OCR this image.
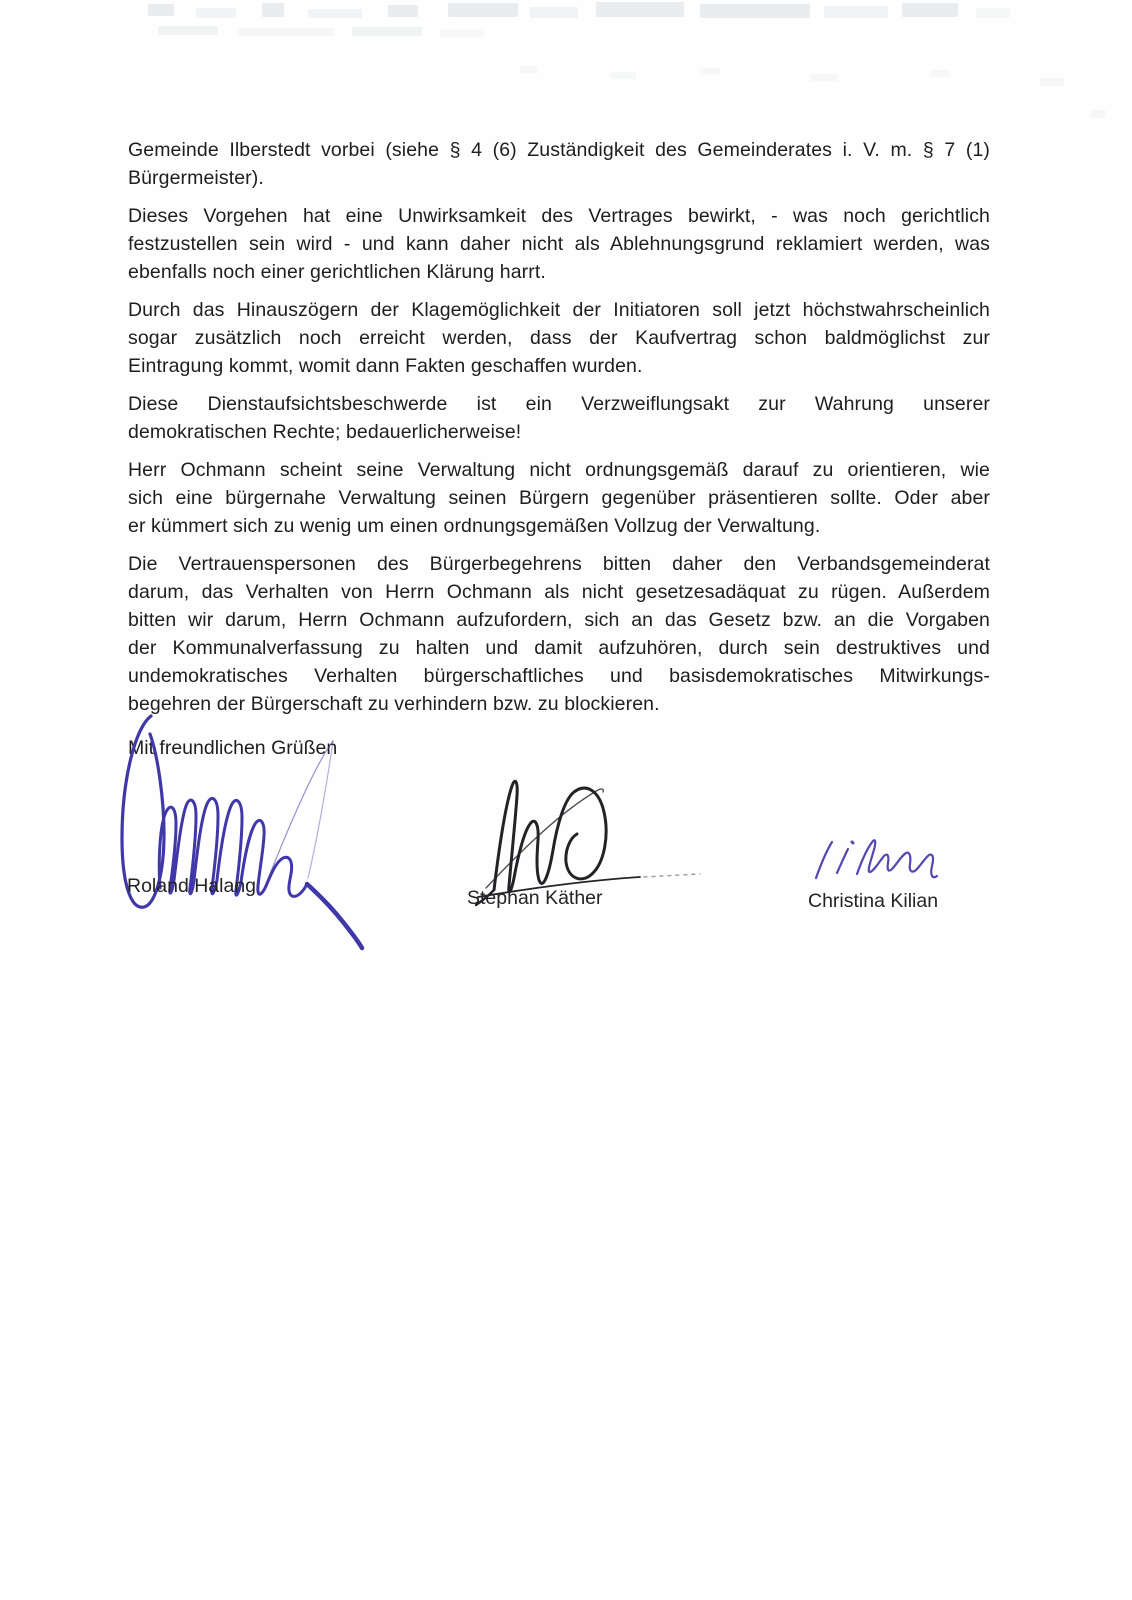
Gemeinde Ilberstedt vorbei (siehe § 4 (6) Zuständigkeit des Gemeinderates i. V. m. § 7 (1)
Bürgermeister).
Dieses Vorgehen hat eine Unwirksamkeit des Vertrages bewirkt, - was noch gerichtlich
festzustellen sein wird - und kann daher nicht als Ablehnungsgrund reklamiert werden, was
ebenfalls noch einer gerichtlichen Klärung harrt.
Durch das Hinauszögern der Klagemöglichkeit der Initiatoren soll jetzt höchstwahrscheinlich
sogar zusätzlich noch erreicht werden, dass der Kaufvertrag schon baldmöglichst zur
Eintragung kommt, womit dann Fakten geschaffen wurden.
Diese Dienstaufsichtsbeschwerde ist ein Verzweiflungsakt zur Wahrung unserer
demokratischen Rechte; bedauerlicherweise!
Herr Ochmann scheint seine Verwaltung nicht ordnungsgemäß darauf zu orientieren, wie
sich eine bürgernahe Verwaltung seinen Bürgern gegenüber präsentieren sollte. Oder aber
er kümmert sich zu wenig um einen ordnungsgemäßen Vollzug der Verwaltung.
Die Vertrauenspersonen des Bürgerbegehrens bitten daher den Verbandsgemeinderat
darum, das Verhalten von Herrn Ochmann als nicht gesetzesadäquat zu rügen. Außerdem
bitten wir darum, Herrn Ochmann aufzufordern, sich an das Gesetz bzw. an die Vorgaben
der Kommunalverfassung zu halten und damit aufzuhören, durch sein destruktives und
undemokratisches Verhalten bürgerschaftliches und basisdemokratisches Mitwirkungs-
begehren der Bürgerschaft zu verhindern bzw. zu blockieren.
Mit freundlichen Grüßen
Roland Halang
Stephan Käther	Christina Kilian
